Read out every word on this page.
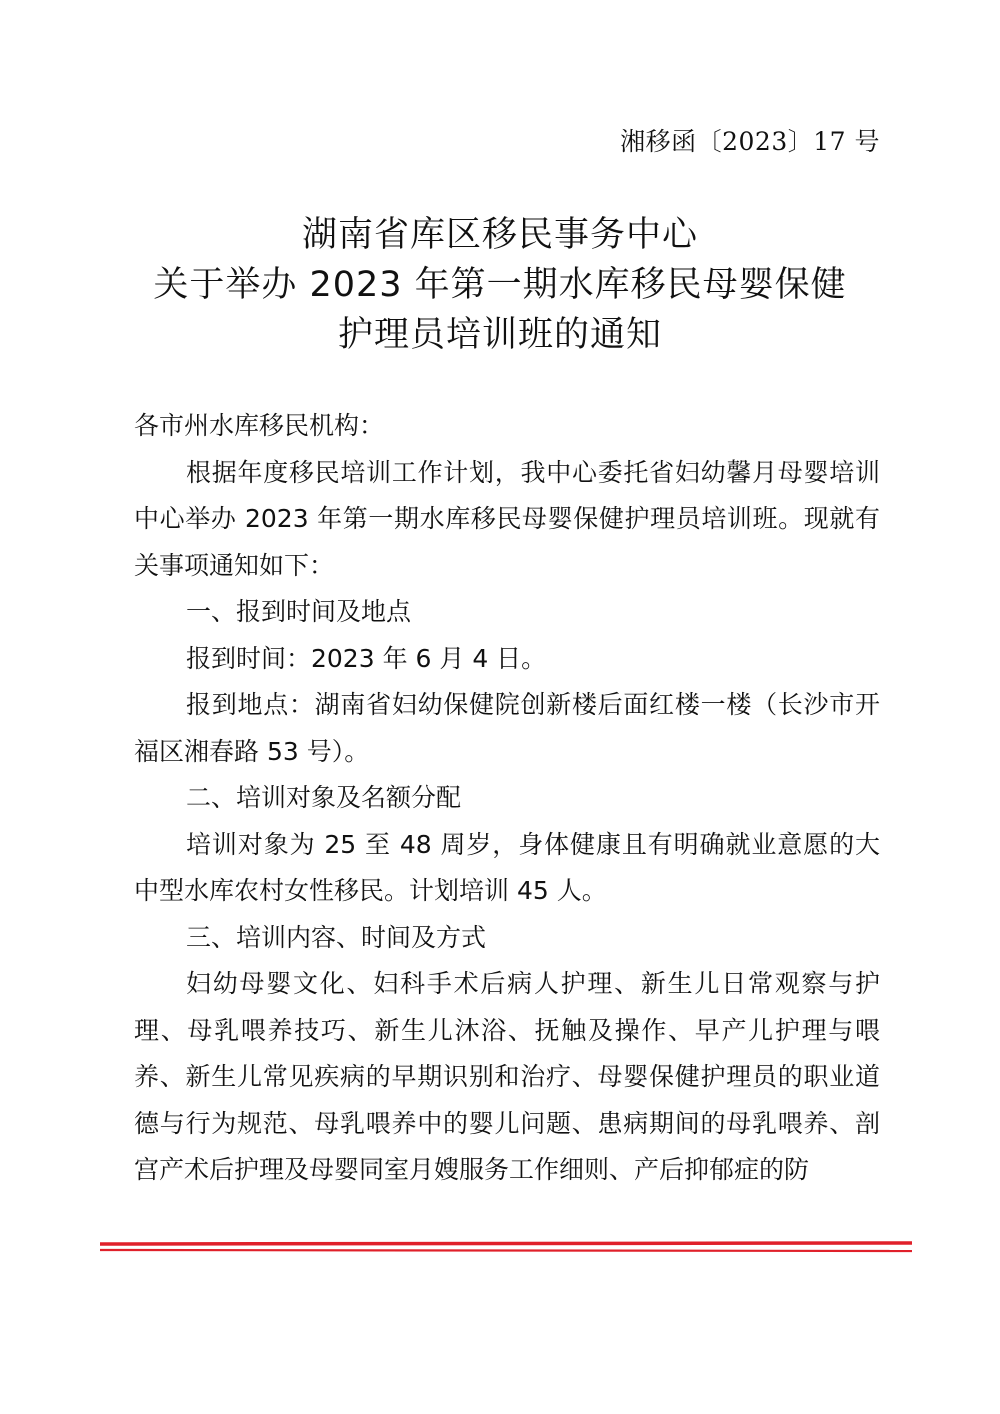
湘移函〔2023〕17 号
湖南省库区移民事务中心
关于举办 2023 年第一期水库移民母婴保健
护理员培训班的通知

各市州水库移民机构：

根据年度移民培训工作计划，我中心委托省妇幼馨月母婴培训中心举办 2023 年第一期水库移民母婴保健护理员培训班。现就有关事项通知如下：

一、报到时间及地点

报到时间：2023 年 6 月 4 日。

报到地点：湖南省妇幼保健院创新楼后面红楼一楼（长沙市开福区湘春路 53 号）。

二、培训对象及名额分配

培训对象为 25 至 48 周岁，身体健康且有明确就业意愿的大中型水库农村女性移民。计划培训 45 人。

三、培训内容、时间及方式

妇幼母婴文化、妇科手术后病人护理、新生儿日常观察与护理、母乳喂养技巧、新生儿沐浴、抚触及操作、早产儿护理与喂养、新生儿常见疾病的早期识别和治疗、母婴保健护理员的职业道德与行为规范、母乳喂养中的婴儿问题、患病期间的母乳喂养、剖宫产术后护理及母婴同室月嫂服务工作细则、产后抑郁症的防
